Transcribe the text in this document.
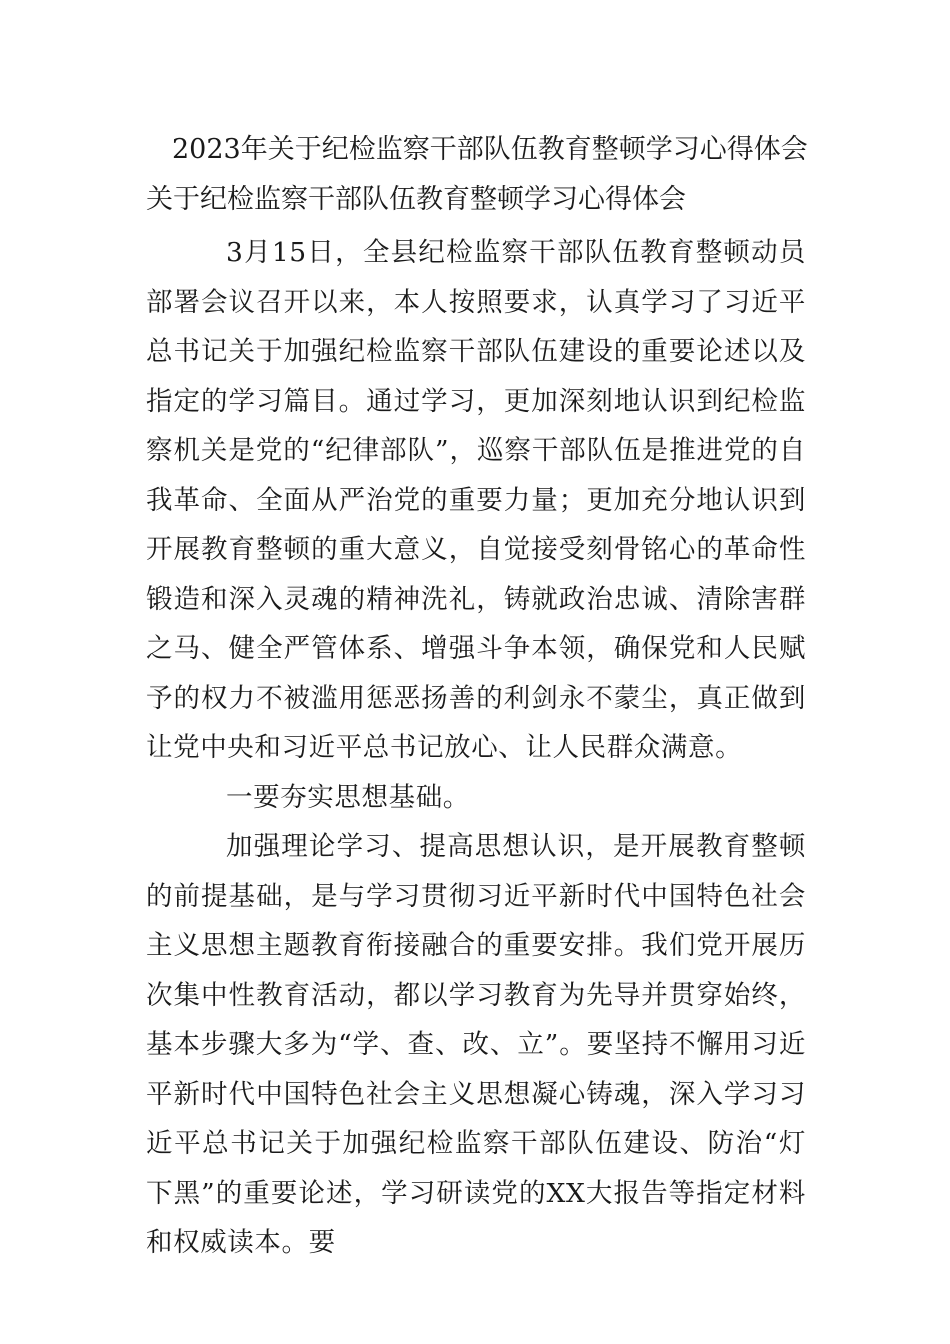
2023年关于纪检监察干部队伍教育整顿学习心得体会
关于纪检监察干部队伍教育整顿学习心得体会

3月15日，全县纪检监察干部队伍教育整顿动员部署会议召开以来，本人按照要求，认真学习了习近平总书记关于加强纪检监察干部队伍建设的重要论述以及指定的学习篇目。通过学习，更加深刻地认识到纪检监察机关是党的“纪律部队”，巡察干部队伍是推进党的自我革命、全面从严治党的重要力量；更加充分地认识到开展教育整顿的重大意义，自觉接受刻骨铭心的革命性锻造和深入灵魂的精神洗礼，铸就政治忠诚、清除害群之马、健全严管体系、增强斗争本领，确保党和人民赋予的权力不被滥用惩恶扬善的利剑永不蒙尘，真正做到让党中央和习近平总书记放心、让人民群众满意。

一要夯实思想基础。

加强理论学习、提高思想认识，是开展教育整顿的前提基础，是与学习贯彻习近平新时代中国特色社会主义思想主题教育衔接融合的重要安排。我们党开展历次集中性教育活动，都以学习教育为先导并贯穿始终，基本步骤大多为“学、查、改、立”。要坚持不懈用习近平新时代中国特色社会主义思想凝心铸魂，深入学习习近平总书记关于加强纪检监察干部队伍建设、防治“灯下黑”的重要论述，学习研读党的XX大报告等指定材料和权威读本。要
